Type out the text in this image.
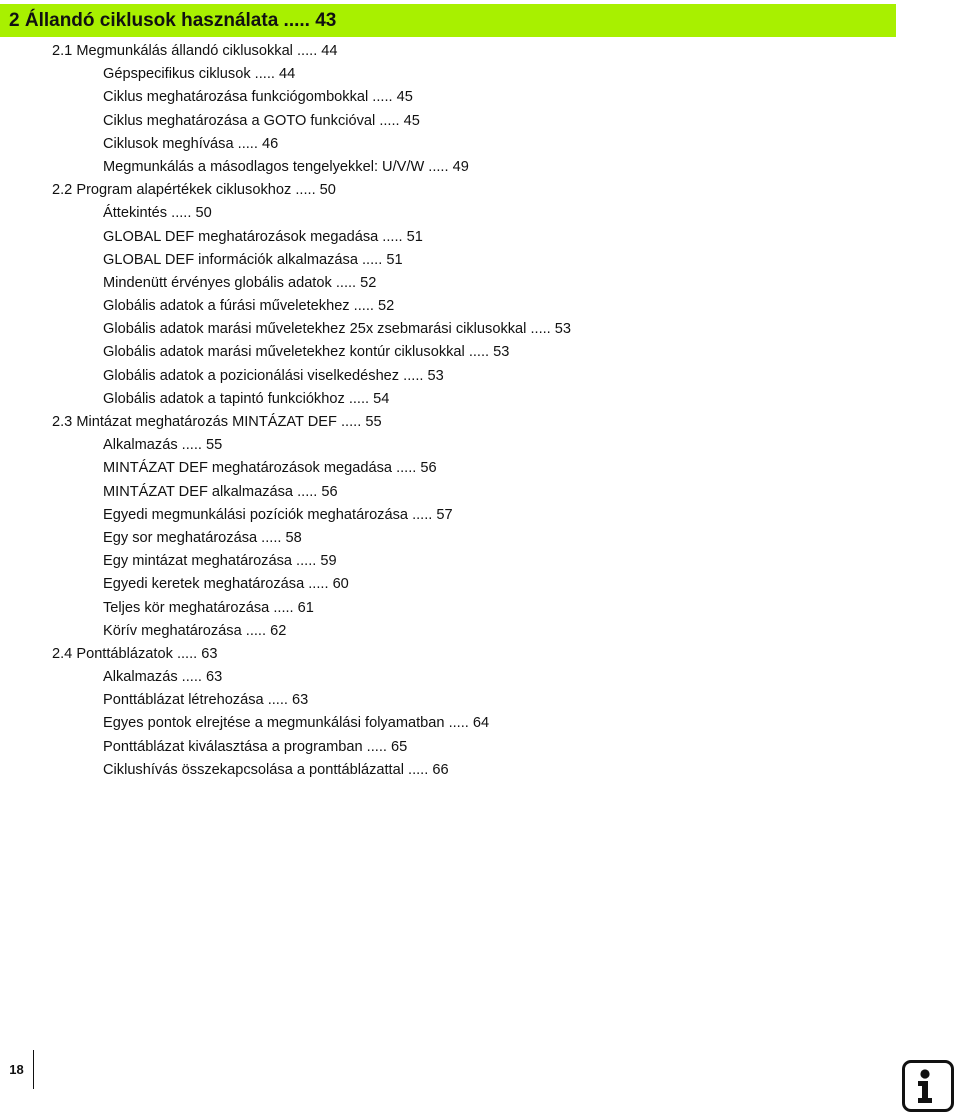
2 Állandó ciklusok használata ..... 43
2.1 Megmunkálás állandó ciklusokkal ..... 44
Gépspecifikus ciklusok ..... 44
Ciklus meghatározása funkciógombokkal ..... 45
Ciklus meghatározása a GOTO funkcióval ..... 45
Ciklusok meghívása ..... 46
Megmunkálás a másodlagos tengelyekkel: U/V/W ..... 49
2.2 Program alapértékek ciklusokhoz ..... 50
Áttekintés ..... 50
GLOBAL DEF meghatározások megadása ..... 51
GLOBAL DEF információk alkalmazása ..... 51
Mindenütt érvényes globális adatok ..... 52
Globális adatok a fúrási műveletekhez ..... 52
Globális adatok marási műveletekhez 25x zsebmarási ciklusokkal ..... 53
Globális adatok marási műveletekhez kontúr ciklusokkal ..... 53
Globális adatok a pozicionálási viselkedéshez ..... 53
Globális adatok a tapintó funkciókhoz ..... 54
2.3 Mintázat meghatározás MINTÁZAT DEF ..... 55
Alkalmazás ..... 55
MINTÁZAT DEF meghatározások megadása ..... 56
MINTÁZAT DEF alkalmazása ..... 56
Egyedi megmunkálási pozíciók meghatározása ..... 57
Egy sor meghatározása ..... 58
Egy mintázat meghatározása ..... 59
Egyedi keretek meghatározása ..... 60
Teljes kör meghatározása ..... 61
Körív meghatározása ..... 62
2.4 Ponttáblázatok ..... 63
Alkalmazás ..... 63
Ponttáblázat létrehozása ..... 63
Egyes pontok elrejtése a megmunkálási folyamatban ..... 64
Ponttáblázat kiválasztása a programban ..... 65
Ciklushívás összekapcsolása a ponttáblázattal ..... 66
18
